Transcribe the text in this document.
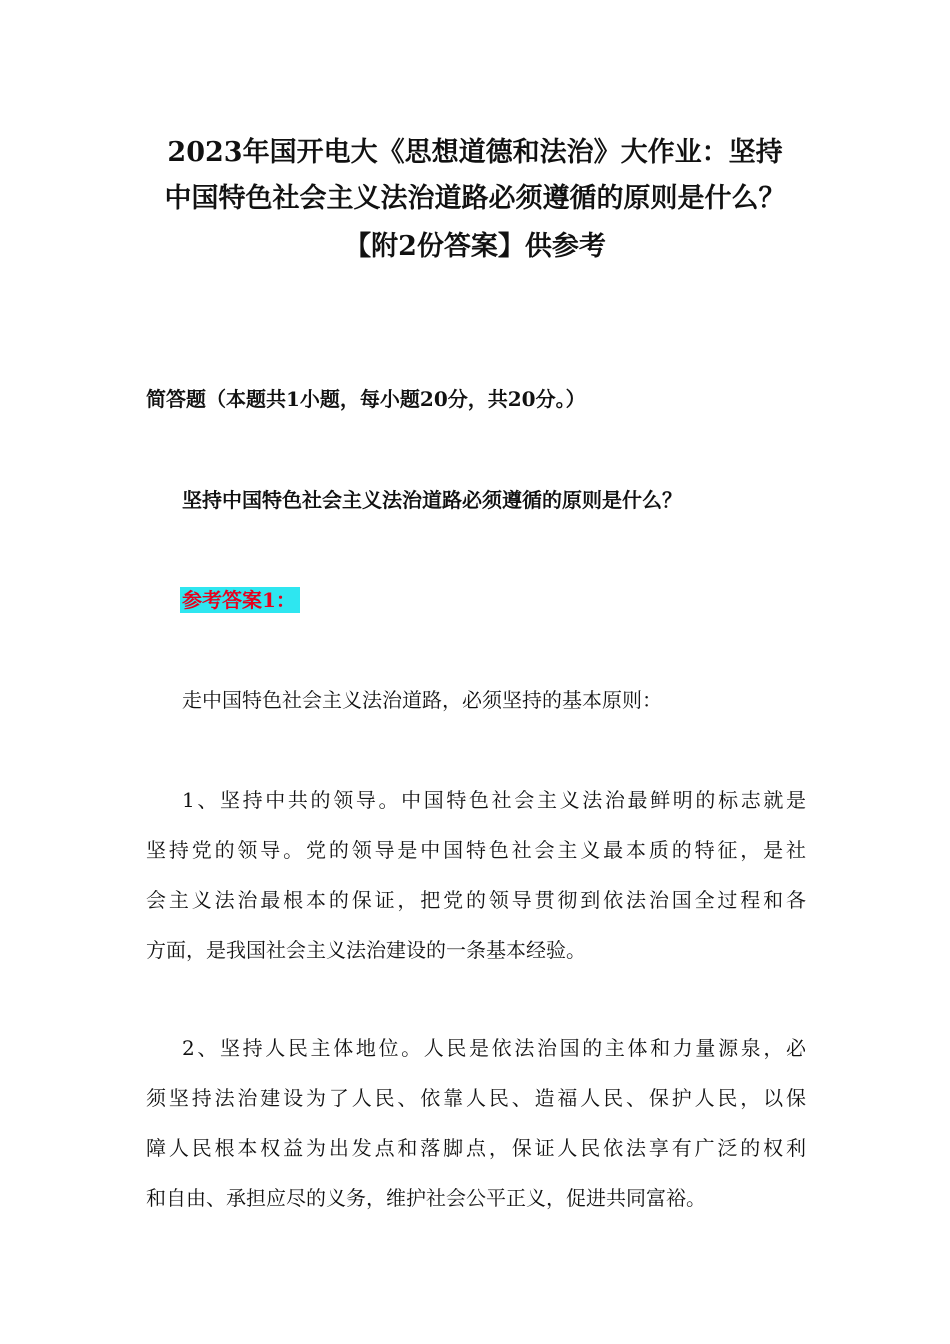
2023年国开电大《思想道德和法治》大作业：坚持
中国特色社会主义法治道路必须遵循的原则是什么？
【附2份答案】供参考
简答题（本题共1小题，每小题20分，共20分。）
坚持中国特色社会主义法治道路必须遵循的原则是什么？
参考答案1：
走中国特色社会主义法治道路，必须坚持的基本原则：
1、坚持中共的领导。中国特色社会主义法治最鲜明的标志就是
坚持党的领导。党的领导是中国特色社会主义最本质的特征，是社
会主义法治最根本的保证，把党的领导贯彻到依法治国全过程和各
方面，是我国社会主义法治建设的一条基本经验。
2、坚持人民主体地位。人民是依法治国的主体和力量源泉，必
须坚持法治建设为了人民、依靠人民、造福人民、保护人民，以保
障人民根本权益为出发点和落脚点，保证人民依法享有广泛的权利
和自由、承担应尽的义务，维护社会公平正义，促进共同富裕。
